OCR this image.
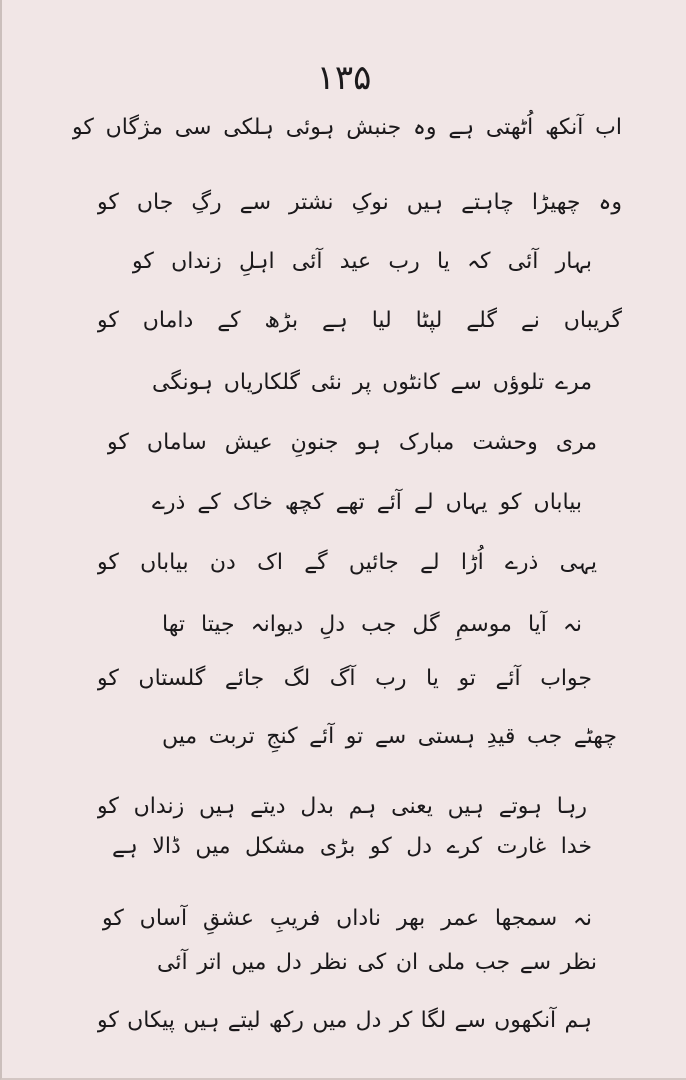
۱۳۵
اب آنکھ اُٹھتی ہے وہ جنبش ہوئی ہلکی سی مژگاں کو
وہ چھیڑا چاہتے ہیں نوکِ نشتر سے رگِ جاں کو
بہار آئی کہ یا رب عید آئی اہلِ زنداں کو
گریباں نے گلے لپٹا لیا ہے بڑھ کے داماں کو
مرے تلوؤں سے کانٹوں پر نئی گلکاریاں ہونگی
مری وحشت مبارک ہو جنونِ عیش ساماں کو
بیاباں کو یہاں لے آئے تھے کچھ خاک کے ذرے
یہی ذرے اُڑا لے جائیں گے اک دن بیاباں کو
نہ آیا موسمِ گل جب دلِ دیوانہ جیتا تھا
جواب آئے تو یا رب آگ لگ جائے گلستاں کو
چھٹے جب قیدِ ہستی سے تو آئے کنجِ تربت میں
رہا ہوتے ہیں یعنی ہم بدل دیتے ہیں زنداں کو
خدا غارت کرے دل کو بڑی مشکل میں ڈالا ہے
نہ سمجھا عمر بھر ناداں فریبِ عشقِ آساں کو
نظر سے جب ملی ان کی نظر دل میں اتر آئی
ہم آنکھوں سے لگا کر دل میں رکھ لیتے ہیں پیکاں کو
